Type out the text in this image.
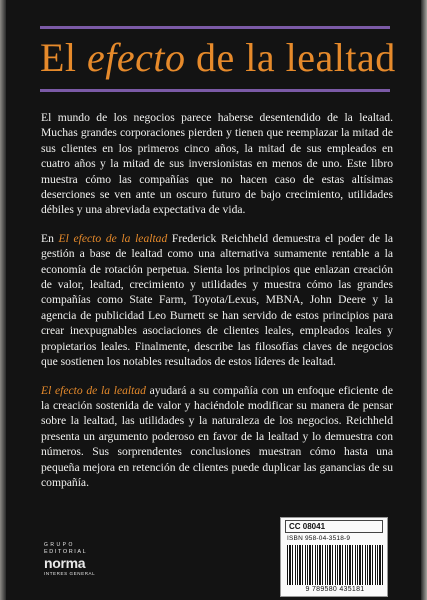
El efecto de la lealtad

El mundo de los negocios parece haberse desentendido de la lealtad. Muchas grandes corporaciones pierden y tienen que reemplazar la mitad de sus clientes en los primeros cinco años, la mitad de sus empleados en cuatro años y la mitad de sus inversionistas en menos de uno. Este libro muestra cómo las compañías que no hacen caso de estas altísimas deserciones se ven ante un oscuro futuro de bajo crecimiento, utilidades débiles y una abreviada expectativa de vida.

En El efecto de la lealtad Frederick Reichheld demuestra el poder de la gestión a base de lealtad como una alternativa sumamente rentable a la economía de rotación perpetua. Sienta los principios que enlazan creación de valor, lealtad, crecimiento y utilidades y muestra cómo las grandes compañías como State Farm, Toyota/Lexus, MBNA, John Deere y la agencia de publicidad Leo Burnett se han servido de estos principios para crear inexpugnables asociaciones de clientes leales, empleados leales y propietarios leales. Finalmente, describe las filosofías claves de negocios que sostienen los notables resultados de estos líderes de lealtad.

El efecto de la lealtad ayudará a su compañía con un enfoque eficiente de la creación sostenida de valor y haciéndole modificar su manera de pensar sobre la lealtad, las utilidades y la naturaleza de los negocios. Reichheld presenta un argumento poderoso en favor de la lealtad y lo demuestra con números. Sus sorprendentes conclusiones muestran cómo hasta una pequeña mejora en retención de clientes puede duplicar las ganancias de su compañía.

GRUPO
EDITORIAL
norma
INTERES GENERAL
CC 08041
ISBN 958-04-3518-9
9 789580 435181
